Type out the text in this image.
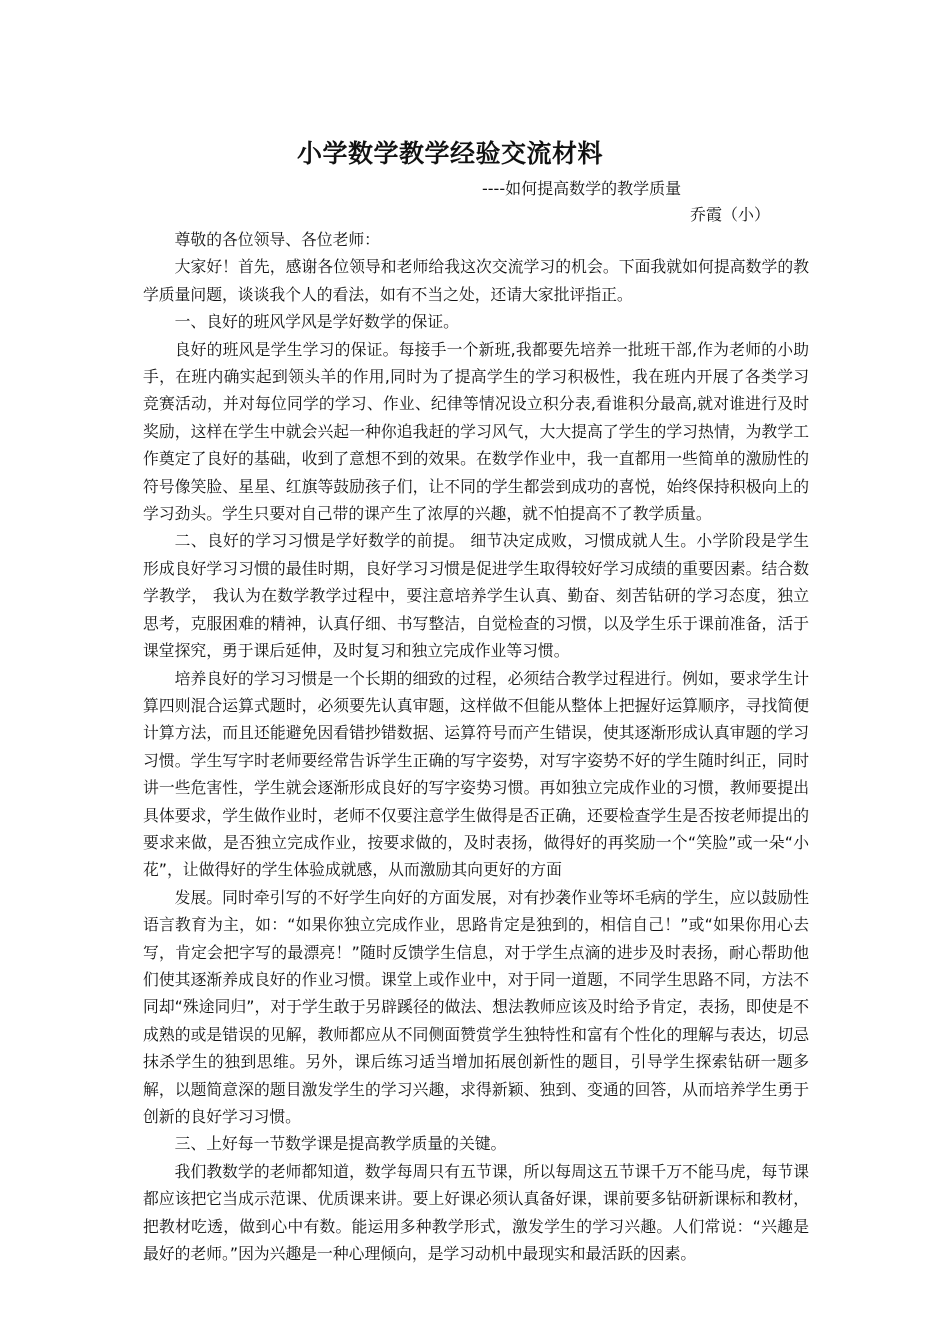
小学数学教学经验交流材料
----如何提高数学的教学质量
乔霞（小）

尊敬的各位领导、各位老师：

大家好！首先，感谢各位领导和老师给我这次交流学习的机会。下面我就如何提高数学的教学质量问题，谈谈我个人的看法，如有不当之处，还请大家批评指正。

一、良好的班风学风是学好数学的保证。

良好的班风是学生学习的保证。每接手一个新班,我都要先培养一批班干部,作为老师的小助手，在班内确实起到领头羊的作用,同时为了提高学生的学习积极性，我在班内开展了各类学习竞赛活动，并对每位同学的学习、作业、纪律等情况设立积分表,看谁积分最高,就对谁进行及时奖励，这样在学生中就会兴起一种你追我赶的学习风气，大大提高了学生的学习热情，为教学工作奠定了良好的基础，收到了意想不到的效果。在数学作业中，我一直都用一些简单的激励性的符号像笑脸、星星、红旗等鼓励孩子们，让不同的学生都尝到成功的喜悦，始终保持积极向上的学习劲头。学生只要对自己带的课产生了浓厚的兴趣，就不怕提高不了教学质量。

二、良好的学习习惯是学好数学的前提。 细节决定成败，习惯成就人生。小学阶段是学生形成良好学习习惯的最佳时期，良好学习习惯是促进学生取得较好学习成绩的重要因素。结合数学教学， 我认为在数学教学过程中，要注意培养学生认真、勤奋、刻苦钻研的学习态度，独立思考，克服困难的精神，认真仔细、书写整洁，自觉检查的习惯，以及学生乐于课前准备，活于课堂探究，勇于课后延伸，及时复习和独立完成作业等习惯。

培养良好的学习习惯是一个长期的细致的过程，必须结合教学过程进行。例如，要求学生计算四则混合运算式题时，必须要先认真审题，这样做不但能从整体上把握好运算顺序，寻找简便计算方法，而且还能避免因看错抄错数据、运算符号而产生错误，使其逐渐形成认真审题的学习习惯。学生写字时老师要经常告诉学生正确的写字姿势，对写字姿势不好的学生随时纠正，同时讲一些危害性，学生就会逐渐形成良好的写字姿势习惯。再如独立完成作业的习惯，教师要提出具体要求，学生做作业时，老师不仅要注意学生做得是否正确，还要检查学生是否按老师提出的要求来做，是否独立完成作业，按要求做的，及时表扬，做得好的再奖励一个“笑脸”或一朵“小花”，让做得好的学生体验成就感，从而激励其向更好的方面

发展。同时牵引写的不好学生向好的方面发展，对有抄袭作业等坏毛病的学生，应以鼓励性语言教育为主，如：“如果你独立完成作业，思路肯定是独到的，相信自己！”或“如果你用心去写，肯定会把字写的最漂亮！”随时反馈学生信息，对于学生点滴的进步及时表扬，耐心帮助他们使其逐渐养成良好的作业习惯。课堂上或作业中，对于同一道题，不同学生思路不同，方法不同却“殊途同归”，对于学生敢于另辟蹊径的做法、想法教师应该及时给予肯定，表扬，即使是不成熟的或是错误的见解，教师都应从不同侧面赞赏学生独特性和富有个性化的理解与表达，切忌抹杀学生的独到思维。另外，课后练习适当增加拓展创新性的题目，引导学生探索钻研一题多解，以题简意深的题目激发学生的学习兴趣，求得新颖、独到、变通的回答，从而培养学生勇于创新的良好学习习惯。

三、上好每一节数学课是提高教学质量的关键。

我们教数学的老师都知道，数学每周只有五节课，所以每周这五节课千万不能马虎，每节课都应该把它当成示范课、优质课来讲。要上好课必须认真备好课，课前要多钻研新课标和教材，把教材吃透，做到心中有数。能运用多种教学形式，激发学生的学习兴趣。人们常说：“兴趣是最好的老师。”因为兴趣是一种心理倾向，是学习动机中最现实和最活跃的因素。
